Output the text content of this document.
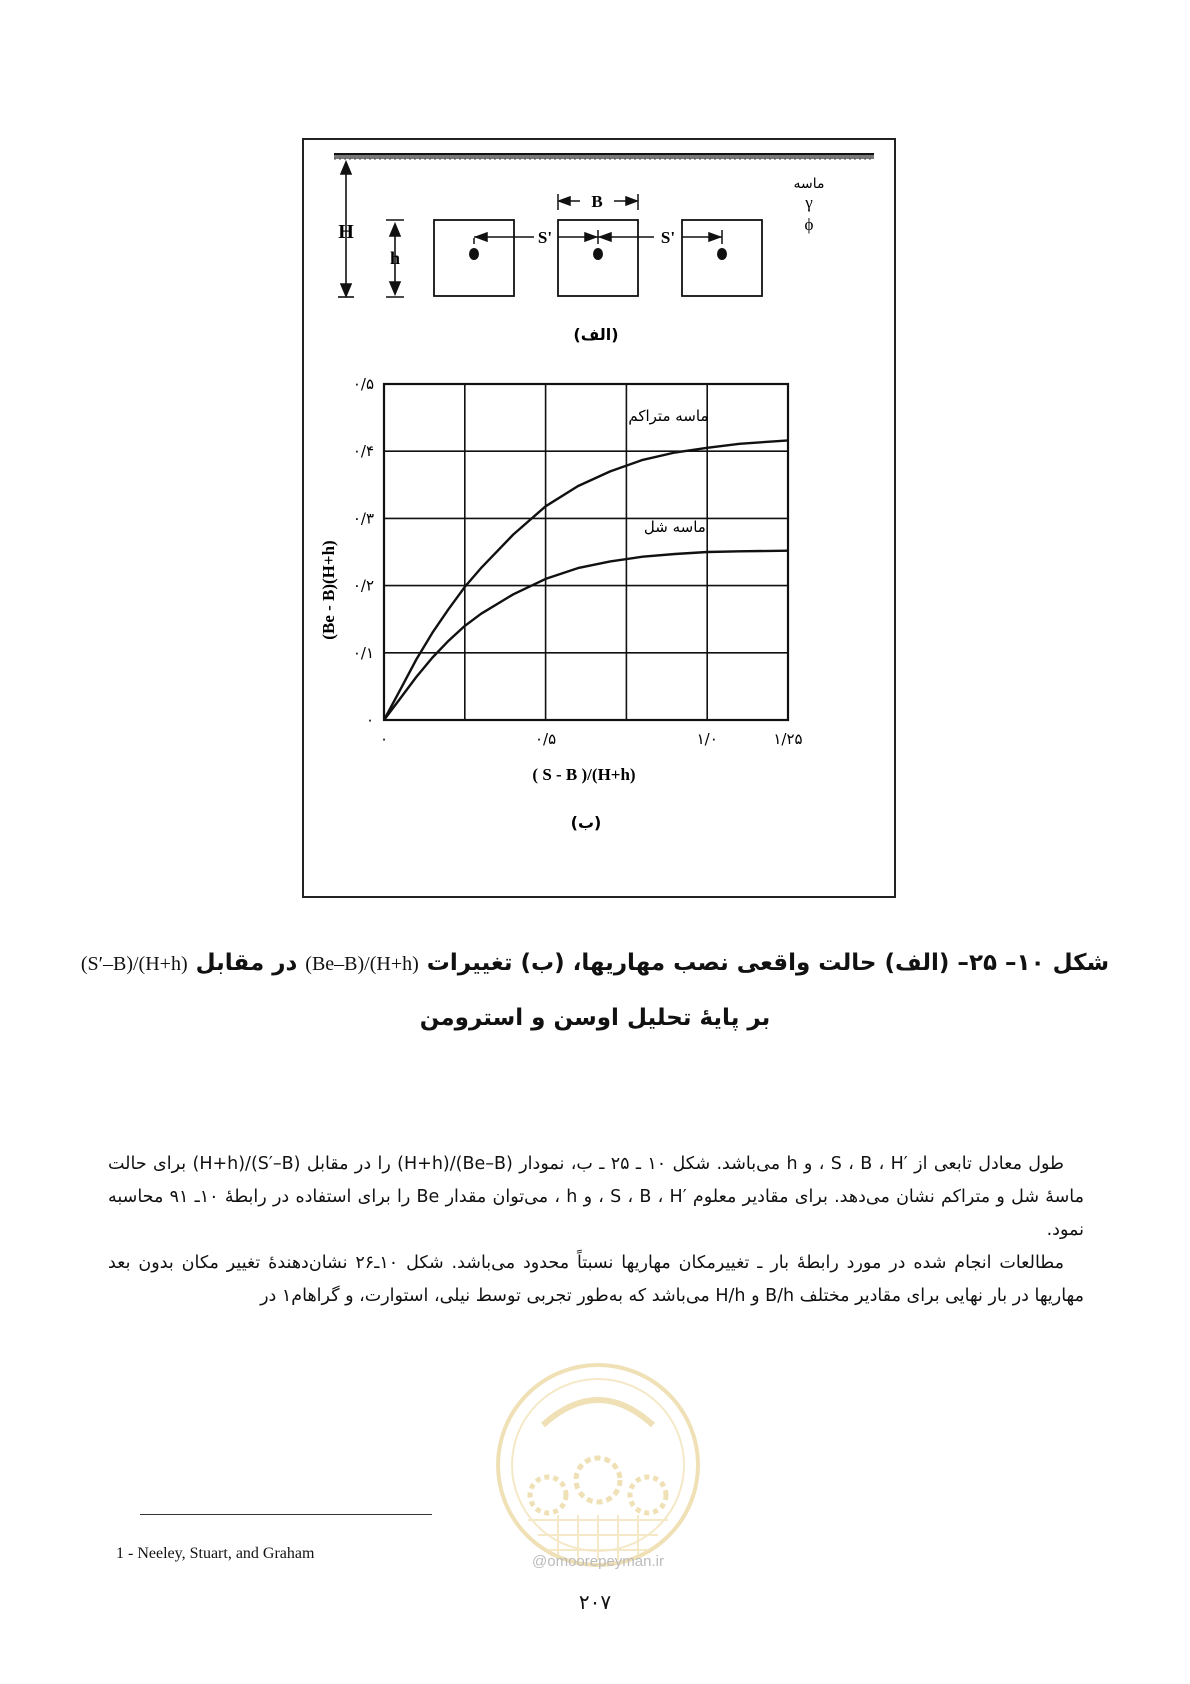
H
h
B
S'	S'
ماسه
γ
ϕ
(الف)
۰
۰/۱
۰/۲
۰/۳
۰/۴
۰/۵
۰	۰/۵	۱/۰	۱/۲۵
ماسه متراکم
ماسه شل
(Be - B)(H+h)
( S - B )/(H+h)
(ب)
شکل ۱۰– ۲۵– (الف) حالت واقعی نصب مهاریها، (ب) تغییرات (Be–B)/(H+h) در مقابل (S′–B)/(H+h)
بر پایهٔ تحلیل اوسن و استرومن

طول معادل تابعی از ′S ، B ، H ، و h می‌باشد. شکل ۱۰ ـ ۲۵ ـ ب، نمودار (Be–B)/(H+h) را در مقابل (S′–B)/(H+h) برای حالت ماسهٔ شل و متراکم نشان می‌دهد. برای مقادیر معلوم ′S ، B ، H ، و h ، می‌توان مقدار Be را برای استفاده در رابطهٔ ۱۰ـ ۹۱ محاسبه نمود.

مطالعات انجام شده در مورد رابطهٔ بار ـ تغییرمکان مهاریها نسبتاً محدود می‌باشد. شکل ۱۰ـ۲۶ نشان‌دهندهٔ تغییر مکان بدون بعد مهاریها در بار نهایی برای مقادیر مختلف B/h و H/h می‌باشد که به‌طور تجربی توسط نیلی، استوارت، و گراهام۱ در

@omoorepeyman.ir
1 - Neeley, Stuart, and Graham
۲۰۷
